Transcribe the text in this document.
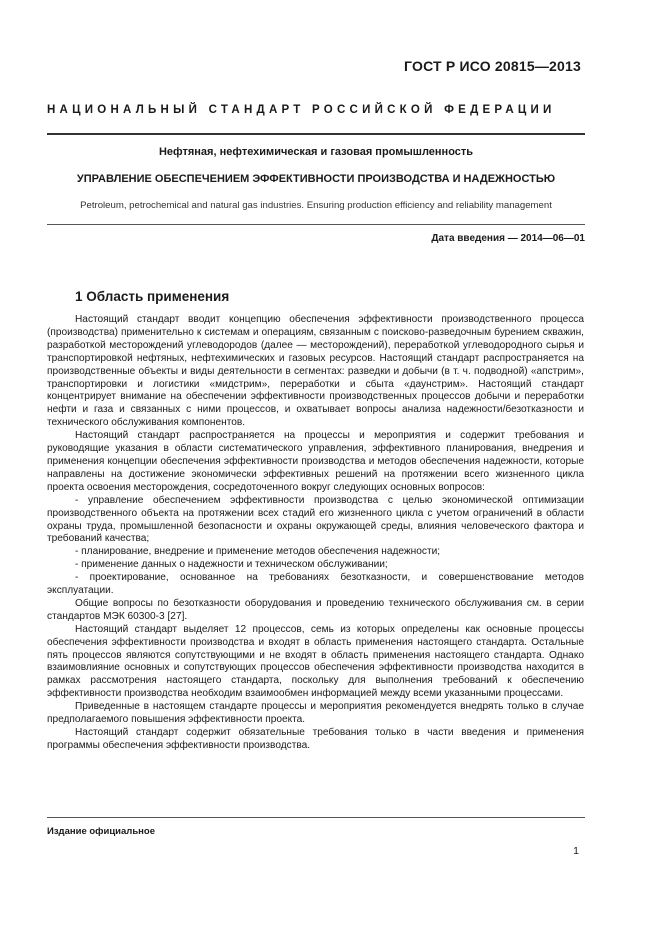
ГОСТ Р ИСО 20815—2013
НАЦИОНАЛЬНЫЙ СТАНДАРТ РОССИЙСКОЙ ФЕДЕРАЦИИ
Нефтяная, нефтехимическая и газовая промышленность
УПРАВЛЕНИЕ ОБЕСПЕЧЕНИЕМ ЭФФЕКТИВНОСТИ ПРОИЗВОДСТВА И НАДЕЖНОСТЬЮ
Petroleum, petrochemical and natural gas industries. Ensuring production efficiency and reliability management
Дата введения — 2014—06—01
1 Область применения

Настоящий стандарт вводит концепцию обеспечения эффективности производственного процесса (производства) применительно к системам и операциям, связанным с поисково-разведочным бурением скважин, разработкой месторождений углеводородов (далее — месторождений), переработкой углеводородного сырья и транспортировкой нефтяных, нефтехимических и газовых ресурсов. Настоящий стандарт распространяется на производственные объекты и виды деятельности в сегментах: разведки и добычи (в т. ч. подводной) «апстрим», транспортировки и логистики «мидстрим», переработки и сбыта «даунстрим». Настоящий стандарт концентрирует внимание на обеспечении эффективности производственных процессов добычи и переработки нефти и газа и связанных с ними процессов, и охватывает вопросы анализа надежности/безотказности и технического обслуживания компонентов.

Настоящий стандарт распространяется на процессы и мероприятия и содержит требования и руководящие указания в области систематического управления, эффективного планирования, внедрения и применения концепции обеспечения эффективности производства и методов обеспечения надежности, которые направлены на достижение экономически эффективных решений на протяжении всего жизненного цикла проекта освоения месторождения, сосредоточенного вокруг следующих основных вопросов:

- управление обеспечением эффективности производства с целью экономической оптимизации производственного объекта на протяжении всех стадий его жизненного цикла с учетом ограничений в области охраны труда, промышленной безопасности и охраны окружающей среды, влияния человеческого фактора и требований качества;

- планирование, внедрение и применение методов обеспечения надежности;

- применение данных о надежности и техническом обслуживании;

- проектирование, основанное на требованиях безотказности, и совершенствование методов эксплуатации.

Общие вопросы по безотказности оборудования и проведению технического обслуживания см. в серии стандартов МЭК 60300-3 [27].

Настоящий стандарт выделяет 12 процессов, семь из которых определены как основные процессы обеспечения эффективности производства и входят в область применения настоящего стандарта. Остальные пять процессов являются сопутствующими и не входят в область применения настоящего стандарта. Однако взаимовлияние основных и сопутствующих процессов обеспечения эффективности производства находится в рамках рассмотрения настоящего стандарта, поскольку для выполнения требований к обеспечению эффективности производства необходим взаимообмен информацией между всеми указанными процессами.

Приведенные в настоящем стандарте процессы и мероприятия рекомендуется внедрять только в случае предполагаемого повышения эффективности проекта.

Настоящий стандарт содержит обязательные требования только в части введения и применения программы обеспечения эффективности производства.

Издание официальное
1
